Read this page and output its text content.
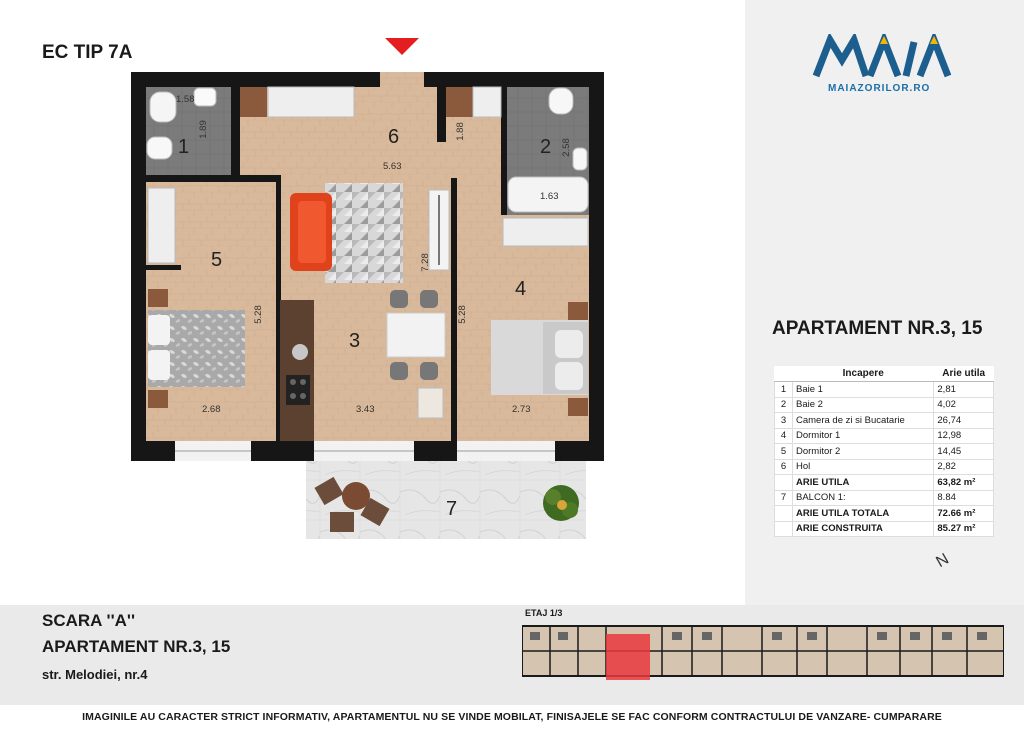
EC TIP 7A
1	2
3
4
5
6
7
1.58
1.89
5.63
1.88
2.58
1.63
7.28
5.28
2.68	3.43
5.28
2.73
MAIAZORILOR.RO
APARTAMENT NR.3, 15
	Incapere	Arie utila
1	Baie 1	2,81
2	Baie 2	4,02
3	Camera de zi si Bucatarie	26,74
4	Dormitor 1	12,98
5	Dormitor 2	14,45
6	Hol	2,82
	ARIE UTILA	63,82 m²
7	BALCON 1:	8.84
	ARIE UTILA TOTALA	72.66 m²
	ARIE CONSTRUITA	85.27 m²
N
SCARA ''A''
APARTAMENT NR.3, 15
str. Melodiei, nr.4
ETAJ 1/3
IMAGINILE AU CARACTER STRICT INFORMATIV, APARTAMENTUL NU SE VINDE MOBILAT, FINISAJELE SE FAC CONFORM CONTRACTULUI DE VANZARE- CUMPARARE
